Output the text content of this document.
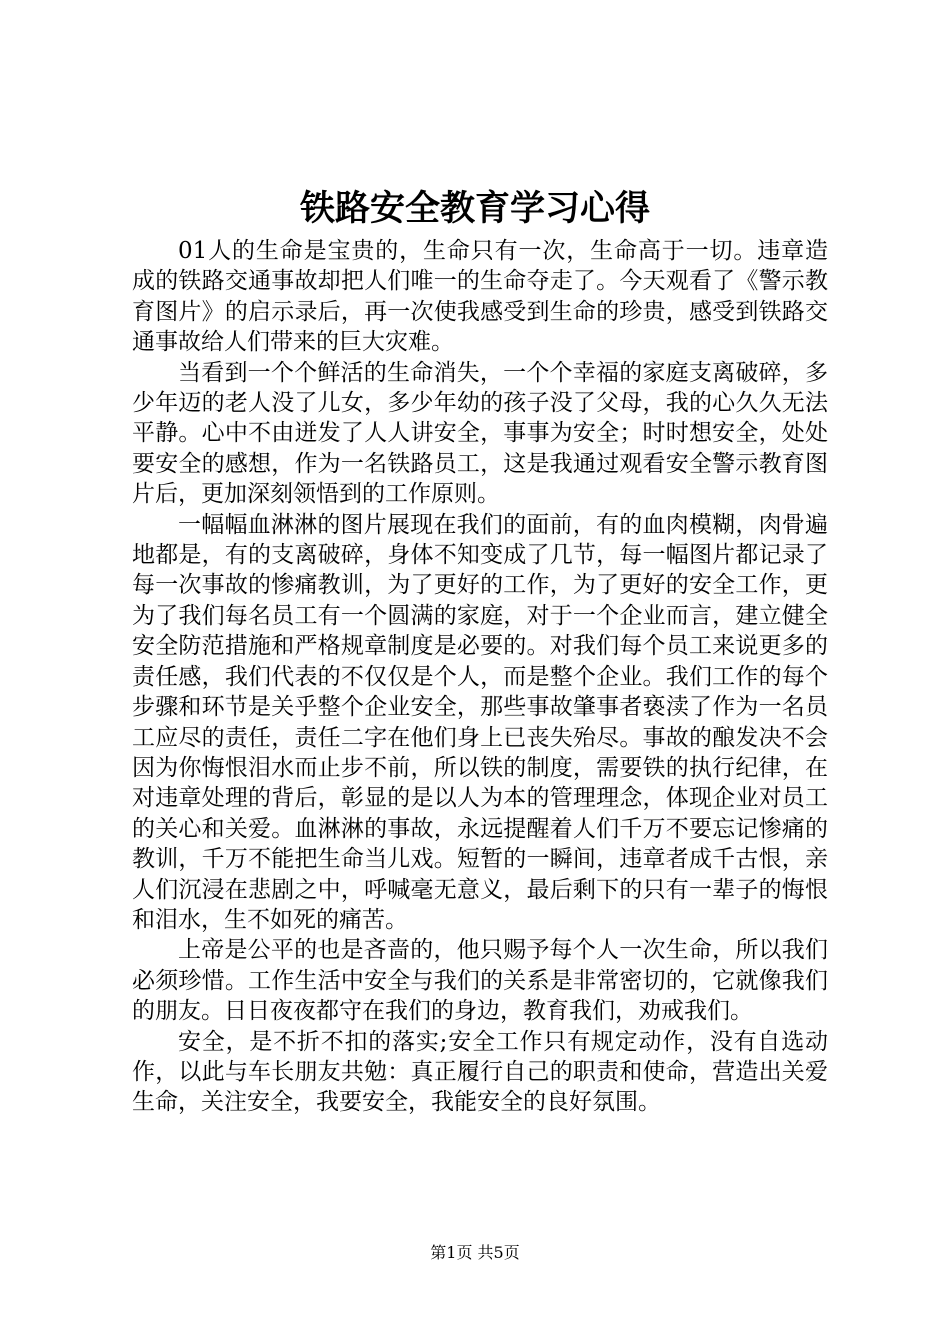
铁路安全教育学习心得

01人的生命是宝贵的，生命只有一次，生命高于一切。违章造成的铁路交通事故却把人们唯一的生命夺走了。今天观看了《警示教育图片》的启示录后，再一次使我感受到生命的珍贵，感受到铁路交通事故给人们带来的巨大灾难。

当看到一个个鲜活的生命消失，一个个幸福的家庭支离破碎，多少年迈的老人没了儿女，多少年幼的孩子没了父母，我的心久久无法平静。心中不由迸发了人人讲安全，事事为安全；时时想安全，处处要安全的感想，作为一名铁路员工，这是我通过观看安全警示教育图片后，更加深刻领悟到的工作原则。

一幅幅血淋淋的图片展现在我们的面前，有的血肉模糊，肉骨遍地都是，有的支离破碎，身体不知变成了几节，每一幅图片都记录了每一次事故的惨痛教训，为了更好的工作，为了更好的安全工作，更为了我们每名员工有一个圆满的家庭，对于一个企业而言，建立健全安全防范措施和严格规章制度是必要的。对我们每个员工来说更多的责任感，我们代表的不仅仅是个人，而是整个企业。我们工作的每个步骤和环节是关乎整个企业安全，那些事故肇事者亵渎了作为一名员工应尽的责任，责任二字在他们身上已丧失殆尽。事故的酿发决不会因为你悔恨泪水而止步不前，所以铁的制度，需要铁的执行纪律，在对违章处理的背后，彰显的是以人为本的管理理念，体现企业对员工的关心和关爱。血淋淋的事故，永远提醒着人们千万不要忘记惨痛的教训，千万不能把生命当儿戏。短暂的一瞬间，违章者成千古恨，亲人们沉浸在悲剧之中，呼喊毫无意义，最后剩下的只有一辈子的悔恨和泪水，生不如死的痛苦。

上帝是公平的也是吝啬的，他只赐予每个人一次生命，所以我们必须珍惜。工作生活中安全与我们的关系是非常密切的，它就像我们的朋友。日日夜夜都守在我们的身边，教育我们，劝戒我们。

安全，是不折不扣的落实;安全工作只有规定动作，没有自选动作，以此与车长朋友共勉：真正履行自己的职责和使命，营造出关爱生命，关注安全，我要安全，我能安全的良好氛围。

第1页 共5页
